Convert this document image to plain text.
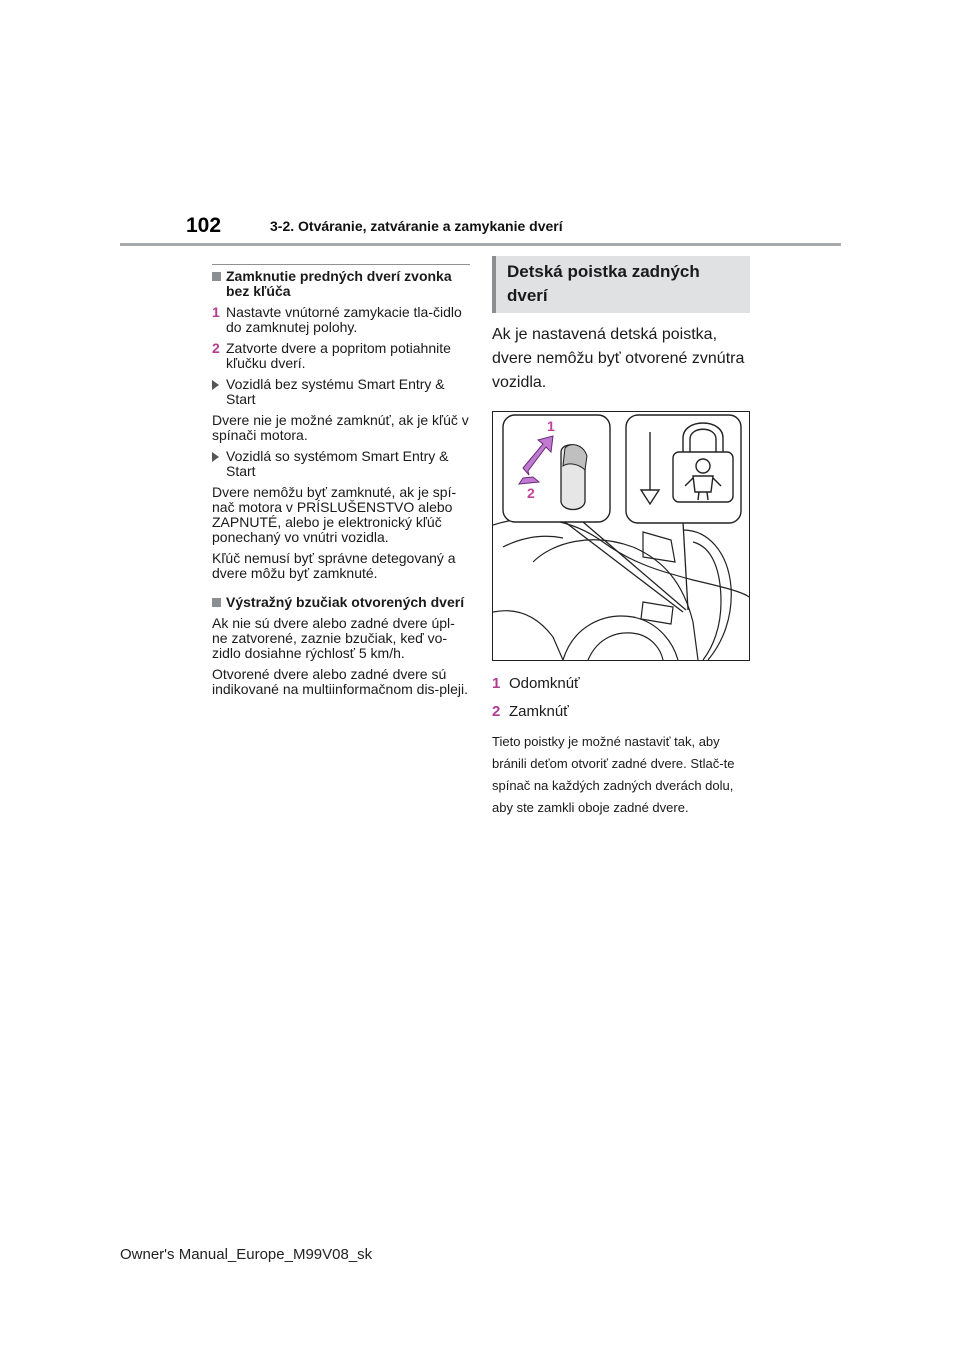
102	3-2. Otváranie, zatváranie a zamykanie dverí
Zamknutie predných dverí zvonka bez kľúča
1 Nastavte vnútorné zamykacie tla-čidlo do zamknutej polohy.
2 Zatvorte dvere a popritom potiahnite kľučku dverí.
Vozidlá bez systému Smart Entry & Start
Dvere nie je možné zamknúť, ak je kľúč v spínači motora.
Vozidlá so systémom Smart Entry & Start
Dvere nemôžu byť zamknuté, ak je spí-nač motora v PRÍSLUŠENSTVO alebo ZAPNUTÉ, alebo je elektronický kľúč ponechaný vo vnútri vozidla.
Kľúč nemusí byť správne detegovaný a dvere môžu byť zamknuté.
Výstražný bzučiak otvorených dverí
Ak nie sú dvere alebo zadné dvere úpl-ne zatvorené, zaznie bzučiak, keď vo-zidlo dosiahne rýchlosť 5 km/h.
Otvorené dvere alebo zadné dvere sú indikované na multiinformačnom dis-pleji.
Detská poistka zadných dverí
Ak je nastavená detská poistka, dvere nemôžu byť otvorené zvnútra vozidla.
1
2
1 Odomknúť
2 Zamknúť
Tieto poistky je možné nastaviť tak, aby bránili deťom otvoriť zadné dvere. Stlač-te spínač na každých zadných dverách dolu, aby ste zamkli oboje zadné dvere.
Owner's Manual_Europe_M99V08_sk
